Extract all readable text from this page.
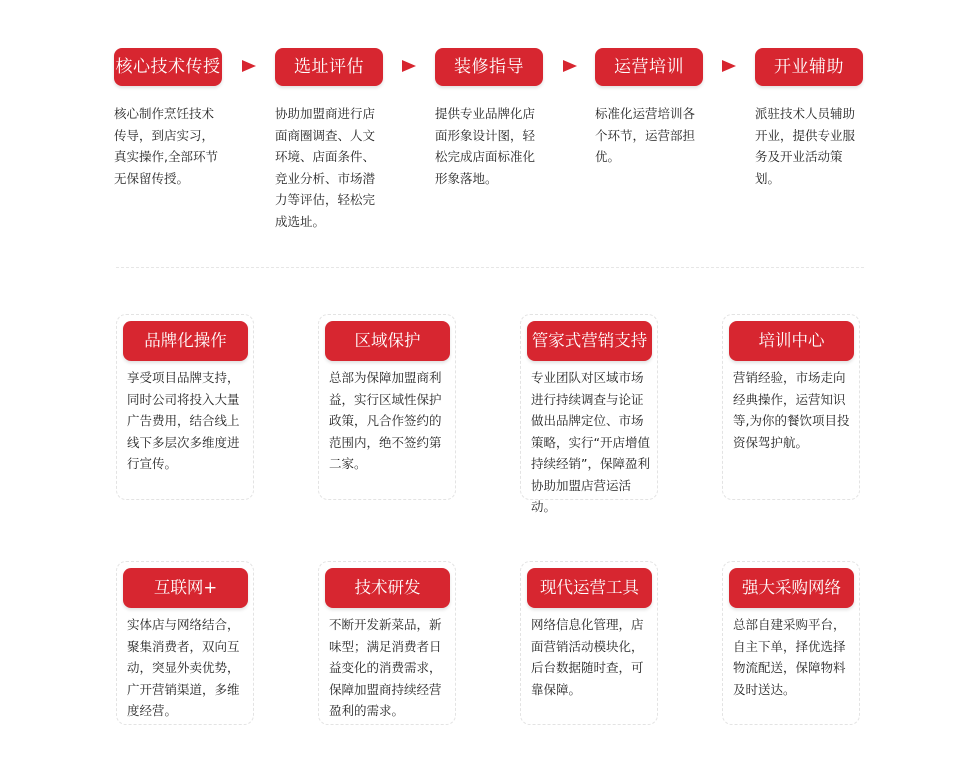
核心技术传授
核心制作烹饪技术传导，到店实习，真实操作,全部环节无保留传授。
选址评估
协助加盟商进行店面商圈调查、人文环境、店面条件、竞业分析、市场潜力等评估，轻松完成选址。
装修指导
提供专业品牌化店面形象设计图，轻松完成店面标准化形象落地。
运营培训
标准化运营培训各个环节，运营部担优。
开业辅助
派驻技术人员辅助开业，提供专业服务及开业活动策划。
品牌化操作
享受项目品牌支持，同时公司将投入大量广告费用，结合线上线下多层次多维度进行宣传。
区域保护
总部为保障加盟商利益，实行区域性保护政策，凡合作签约的范围内，绝不签约第二家。
管家式营销支持
专业团队对区域市场进行持续调查与论证做出品牌定位、市场策略，实行“开店增值持续经销”，保障盈利协助加盟店营运活动。
培训中心
营销经验，市场走向经典操作，运营知识等,为你的餐饮项目投资保驾护航。
互联网+
实体店与网络结合，聚集消费者，双向互动，突显外卖优势，广开营销渠道，多维度经营。
技术研发
不断开发新菜品，新味型；满足消费者日益变化的消费需求，保障加盟商持续经营盈利的需求。
现代运营工具
网络信息化管理，店面营销活动模块化，后台数据随时查，可靠保障。
强大采购网络
总部自建采购平台，自主下单，择优选择物流配送，保障物料及时送达。
